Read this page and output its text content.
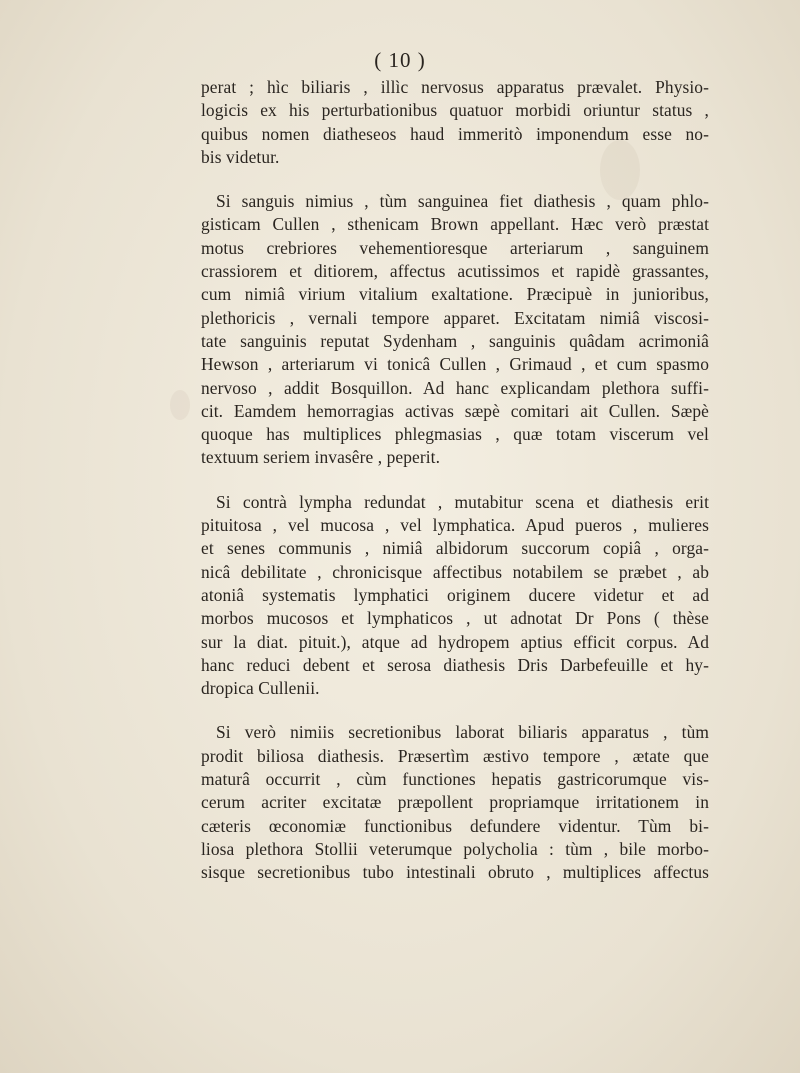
( 10 )
perat ; hìc biliaris , illìc nervosus apparatus prævalet. Physio-
logicis ex his perturbationibus quatuor morbidi oriuntur status ,
quibus nomen diatheseos haud immeritò imponendum esse no-
bis videtur.
Si sanguis nimius , tùm sanguinea fiet diathesis , quam phlo-
gisticam Cullen , sthenicam Brown appellant. Hæc verò præstat
motus crebriores vehementioresque arteriarum , sanguinem
crassiorem et ditiorem, affectus acutissimos et rapidè grassantes,
cum nimiâ virium vitalium exaltatione. Præcipuè in junioribus,
plethoricis , vernali tempore apparet. Excitatam nimiâ viscosi-
tate sanguinis reputat Sydenham , sanguinis quâdam acrimoniâ
Hewson , arteriarum vi tonicâ Cullen , Grimaud , et cum spasmo
nervoso , addit Bosquillon. Ad hanc explicandam plethora suffi-
cit. Eamdem hemorragias activas sæpè comitari ait Cullen. Sæpè
quoque has multiplices phlegmasias , quæ totam viscerum vel
textuum seriem invasêre , peperit.
Si contrà lympha redundat , mutabitur scena et diathesis erit
pituitosa , vel mucosa , vel lymphatica. Apud pueros , mulieres
et senes communis , nimiâ albidorum succorum copiâ , orga-
nicâ debilitate , chronicisque affectibus notabilem se præbet , ab
atoniâ systematis lymphatici originem ducere videtur et ad
morbos mucosos et lymphaticos , ut adnotat Dr Pons ( thèse
sur la diat. pituit.), atque ad hydropem aptius efficit corpus. Ad
hanc reduci debent et serosa diathesis Dris Darbefeuille et hy-
dropica Cullenii.
Si verò nimiis secretionibus laborat biliaris apparatus , tùm
prodit biliosa diathesis. Præsertìm æstivo tempore , ætate que
maturâ occurrit , cùm functiones hepatis gastricorumque vis-
cerum acriter excitatæ præpollent propriamque irritationem in
cæteris œconomiæ functionibus defundere videntur. Tùm bi-
liosa plethora Stollii veterumque polycholia : tùm , bile morbo-
sisque secretionibus tubo intestinali obruto , multiplices affectus
